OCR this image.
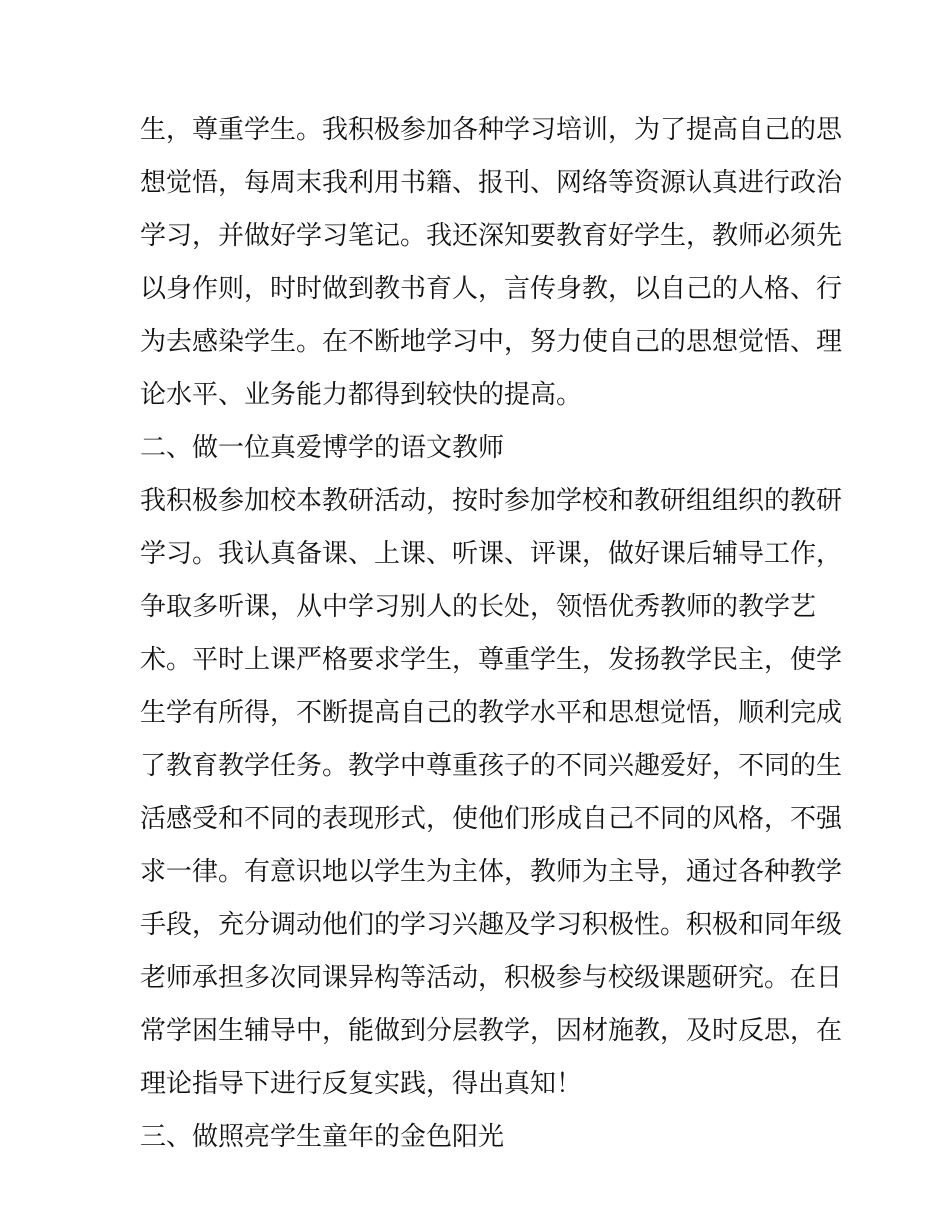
生，尊重学生。我积极参加各种学习培训，为了提高自己的思
想觉悟，每周末我利用书籍、报刊、网络等资源认真进行政治
学习，并做好学习笔记。我还深知要教育好学生，教师必须先
以身作则，时时做到教书育人，言传身教，以自己的人格、行
为去感染学生。在不断地学习中，努力使自己的思想觉悟、理
论水平、业务能力都得到较快的提高。
二、做一位真爱博学的语文教师
我积极参加校本教研活动，按时参加学校和教研组组织的教研
学习。我认真备课、上课、听课、评课，做好课后辅导工作，
争取多听课，从中学习别人的长处，领悟优秀教师的教学艺
术。平时上课严格要求学生，尊重学生，发扬教学民主，使学
生学有所得，不断提高自己的教学水平和思想觉悟，顺利完成
了教育教学任务。教学中尊重孩子的不同兴趣爱好，不同的生
活感受和不同的表现形式，使他们形成自己不同的风格，不强
求一律。有意识地以学生为主体，教师为主导，通过各种教学
手段，充分调动他们的学习兴趣及学习积极性。积极和同年级
老师承担多次同课异构等活动，积极参与校级课题研究。在日
常学困生辅导中，能做到分层教学，因材施教，及时反思，在
理论指导下进行反复实践，得出真知！
三、做照亮学生童年的金色阳光
